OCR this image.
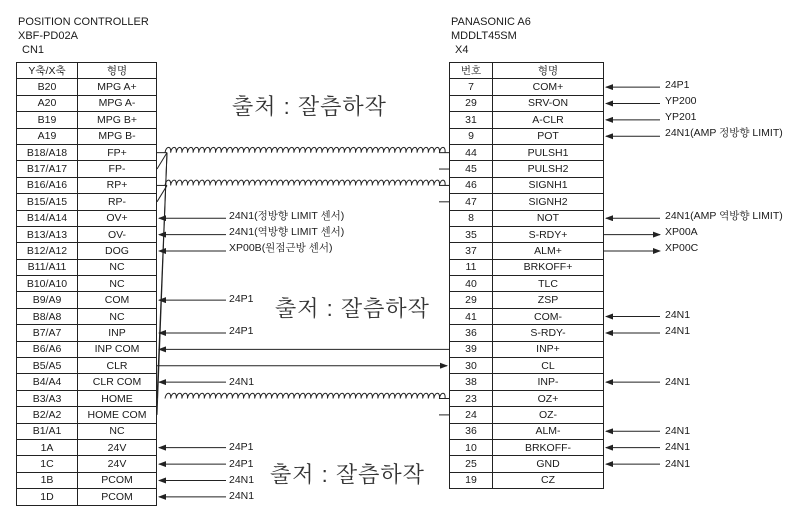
POSITION CONTROLLER
XBF-PD02A
CN1
PANASONIC A6
MDDLT45SM
X4
Y축/X축	형명
B20	MPG A+
A20	MPG A-
B19	MPG B+
A19	MPG B-
B18/A18	FP+
B17/A17	FP-
B16/A16	RP+
B15/A15	RP-
B14/A14	OV+
B13/A13	OV-
B12/A12	DOG
B11/A11	NC
B10/A10	NC
B9/A9	COM
B8/A8	NC
B7/A7	INP
B6/A6	INP COM
B5/A5	CLR
B4/A4	CLR COM
B3/A3	HOME
B2/A2	HOME COM
B1/A1	NC
1A	24V
1C	24V
1B	PCOM
1D	PCOM
번호	형명
7	COM+
29	SRV-ON
31	A-CLR
9	POT
44	PULSH1
45	PULSH2
46	SIGNH1
47	SIGNH2
8	NOT
35	S-RDY+
37	ALM+
11	BRKOFF+
40	TLC
29	ZSP
41	COM-
36	S-RDY-
39	INP+
30	CL
38	INP-
23	OZ+
24	OZ-
36	ALM-
10	BRKOFF-
25	GND
19	CZ
출처 : 잘츰하작
출저 : 잘츰하작
출저 : 잘츰하작
24N1(정방향 LIMIT 센서)
24N1(역방향 LIMIT 센서)
XP00B(원점근방 센서)
24P1
24P1
24N1
24P1
24P1
24N1
24N1
24P1
YP200
YP201
24N1(AMP 정방향 LIMIT)
24N1(AMP 역방향 LIMIT)
XP00A
XP00C
24N1
24N1
24N1
24N1
24N1
24N1
